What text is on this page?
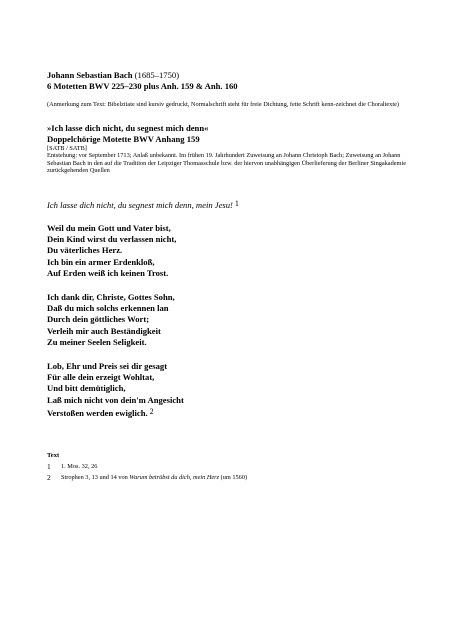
Johann Sebastian Bach (1685–1750)
6 Motetten BWV 225–230 plus Anh. 159 & Anh. 160
(Anmerkung zum Text: Bibelzitate sind kursiv gedruckt, Normalschrift steht für freie Dichtung, fette Schrift kenn-zeichnet die Choraltexte)
»Ich lasse dich nicht, du segnest mich denn«
Doppelchörige Motette BWV Anhang 159
[SATB / SATB]
Entstehung: vor September 1713; Anlaß unbekannt. Im frühen 19. Jahrhundert Zuweisung an Johann Christoph Bach; Zuweisung an Johann Sebastian Bach in den auf die Tradition der Leipziger Thomasschule bzw. der hiervon unabhängigen Überlieferung der Berliner Singakademie zurückgehenden Quellen
Ich lasse dich nicht, du segnest mich denn, mein Jesu! $^1$
Weil du mein Gott und Vater bist,
Dein Kind wirst du verlassen nicht,
Du väterliches Herz.
Ich bin ein armer Erdenkloß,
Auf Erden weiß ich keinen Trost.
Ich dank dir, Christe, Gottes Sohn,
Daß du mich solchs erkennen lan
Durch dein göttliches Wort;
Verleih mir auch Beständigkeit
Zu meiner Seelen Seligkeit.
Lob, Ehr und Preis sei dir gesagt
Für alle dein erzeigt Wohltat,
Und bitt demütiglich,
Laß mich nicht von dein'm Angesicht
Verstoßen werden ewiglich. $^2$
Text
1	1. Mos. 32, 26
2	Strophen 3, 13 und 14 von Warum betrübst du dich, mein Herz (um 1560)
